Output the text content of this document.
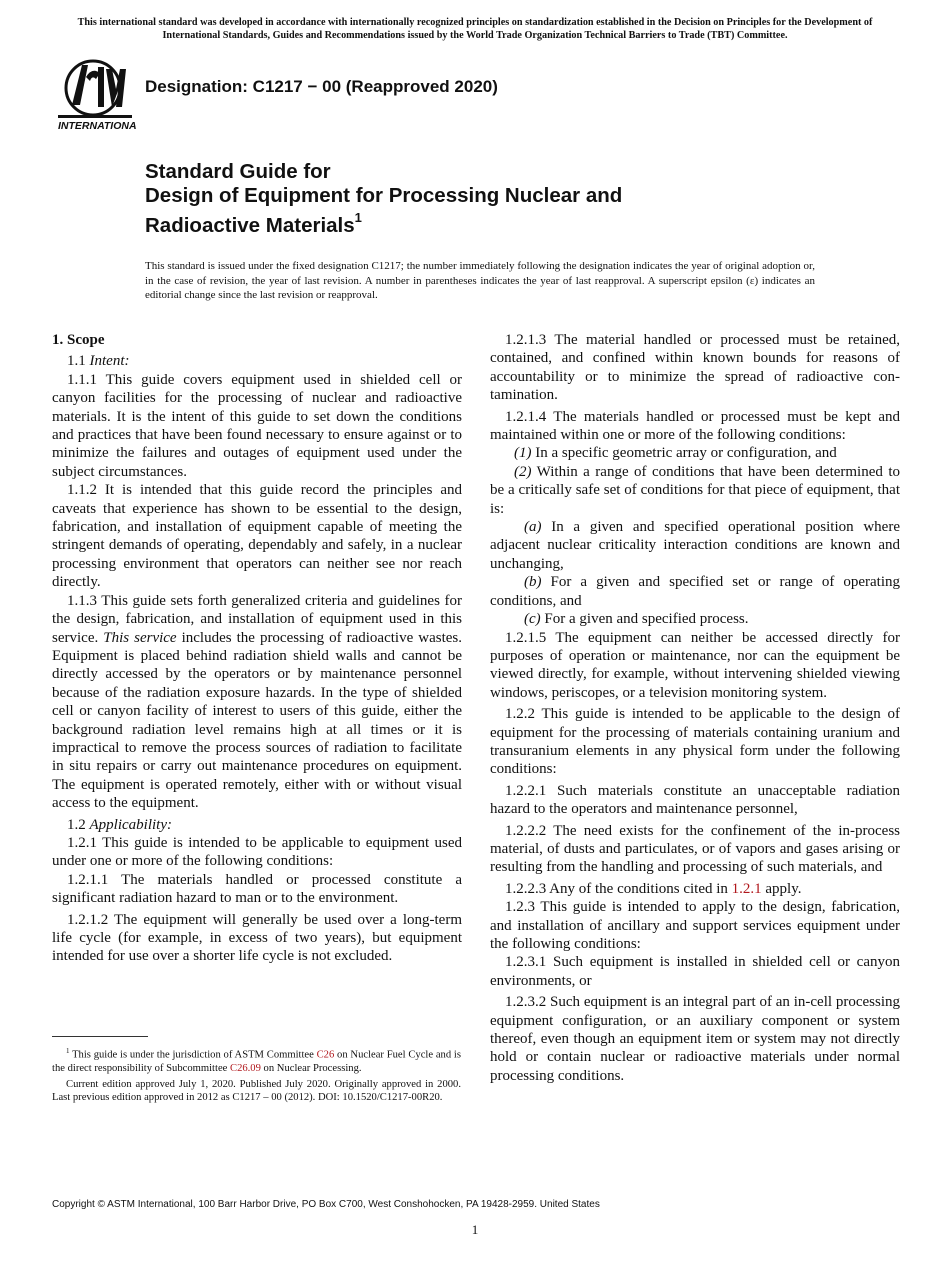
This international standard was developed in accordance with internationally recognized principles on standardization established in the Decision on Principles for the Development of International Standards, Guides and Recommendations issued by the World Trade Organization Technical Barriers to Trade (TBT) Committee.
INTERNATIONAL
Designation: C1217 − 00 (Reapproved 2020)
Standard Guide for
Design of Equipment for Processing Nuclear and
Radioactive Materials$^1$
This standard is issued under the fixed designation C1217; the number immediately following the designation indicates the year of original adoption or, in the case of revision, the year of last revision. A number in parentheses indicates the year of last reapproval. A superscript epsilon (ε) indicates an editorial change since the last revision or reapproval.

1. Scope

1.1 Intent:

1.1.1 This guide covers equipment used in shielded cell or canyon facilities for the processing of nuclear and radioactive materials. It is the intent of this guide to set down the conditions and practices that have been found necessary to ensure against or to minimize the failures and outages of equipment used under the subject circumstances.

1.1.2 It is intended that this guide record the principles and caveats that experience has shown to be essential to the design, fabrication, and installation of equipment capable of meeting the stringent demands of operating, dependably and safely, in a nuclear processing environment that operators can neither see nor reach directly.

1.1.3 This guide sets forth generalized criteria and guidelines for the design, fabrication, and installation of equipment used in this service. This service includes the processing of radioactive wastes. Equipment is placed behind radiation shield walls and cannot be directly accessed by the operators or by maintenance personnel because of the radiation exposure hazards. In the type of shielded cell or canyon facility of interest to users of this guide, either the background radiation level remains high at all times or it is impractical to remove the process sources of radiation to facilitate in situ repairs or carry out maintenance procedures on equipment. The equipment is operated remotely, either with or without visual access to the equipment.

1.2 Applicability:

1.2.1 This guide is intended to be applicable to equipment used under one or more of the following conditions:

1.2.1.1 The materials handled or processed constitute a significant radiation hazard to man or to the environment.

1.2.1.2 The equipment will generally be used over a long-term life cycle (for example, in excess of two years), but equipment intended for use over a shorter life cycle is not excluded.

1.2.1.3 The material handled or processed must be retained, contained, and confined within known bounds for reasons of accountability or to minimize the spread of radioactive contamination.

1.2.1.4 The materials handled or processed must be kept and maintained within one or more of the following conditions:

(1) In a specific geometric array or configuration, and

(2) Within a range of conditions that have been determined to be a critically safe set of conditions for that piece of equipment, that is:

(a) In a given and specified operational position where adjacent nuclear criticality interaction conditions are known and unchanging,

(b) For a given and specified set or range of operating conditions, and

(c) For a given and specified process.

1.2.1.5 The equipment can neither be accessed directly for purposes of operation or maintenance, nor can the equipment be viewed directly, for example, without intervening shielded viewing windows, periscopes, or a television monitoring system.

1.2.2 This guide is intended to be applicable to the design of equipment for the processing of materials containing uranium and transuranium elements in any physical form under the following conditions:

1.2.2.1 Such materials constitute an unacceptable radiation hazard to the operators and maintenance personnel,

1.2.2.2 The need exists for the confinement of the in-process material, of dusts and particulates, or of vapors and gases arising or resulting from the handling and processing of such materials, and

1.2.2.3 Any of the conditions cited in 1.2.1 apply.

1.2.3 This guide is intended to apply to the design, fabrication, and installation of ancillary and support services equipment under the following conditions:

1.2.3.1 Such equipment is installed in shielded cell or canyon environments, or

1.2.3.2 Such equipment is an integral part of an in-cell processing equipment configuration, or an auxiliary component or system thereof, even though an equipment item or system may not directly hold or contain nuclear or radioactive materials under normal processing conditions.

$^1$ This guide is under the jurisdiction of ASTM Committee C26 on Nuclear Fuel Cycle and is the direct responsibility of Subcommittee C26.09 on Nuclear Processing.

Current edition approved July 1, 2020. Published July 2020. Originally approved in 2000. Last previous edition approved in 2012 as C1217 – 00 (2012). DOI: 10.1520/C1217-00R20.

Copyright © ASTM International, 100 Barr Harbor Drive, PO Box C700, West Conshohocken, PA 19428-2959. United States
1
